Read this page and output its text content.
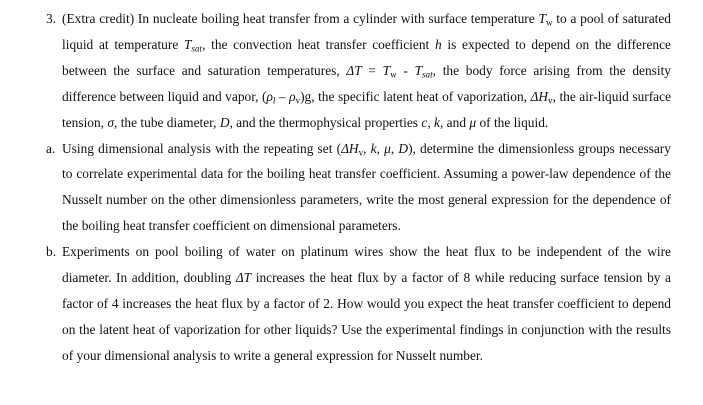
3. (Extra credit) In nucleate boiling heat transfer from a cylinder with surface temperature $T_w$ to a pool of saturated liquid at temperature $T_{sat}$, the convection heat transfer coefficient h is expected to depend on the difference between the surface and saturation temperatures, $\Delta T = T_w - T_{sat}$, the body force arising from the density difference between liquid and vapor, $(\rho_l - \rho_v)g$, the specific latent heat of vaporization, $\Delta H_v$, the air-liquid surface tension, σ, the tube diameter, D, and the thermophysical properties c, k, and μ of the liquid.

a. Using dimensional analysis with the repeating set ($\Delta H_v$, k, μ, D), determine the dimensionless groups necessary to correlate experimental data for the boiling heat transfer coefficient. Assuming a power-law dependence of the Nusselt number on the other dimensionless parameters, write the most general expression for the dependence of the boiling heat transfer coefficient on dimensional parameters.

b. Experiments on pool boiling of water on platinum wires show the heat flux to be independent of the wire diameter. In addition, doubling ΔT increases the heat flux by a factor of 8 while reducing surface tension by a factor of 4 increases the heat flux by a factor of 2. How would you expect the heat transfer coefficient to depend on the latent heat of vaporization for other liquids? Use the experimental findings in conjunction with the results of your dimensional analysis to write a general expression for Nusselt number.
